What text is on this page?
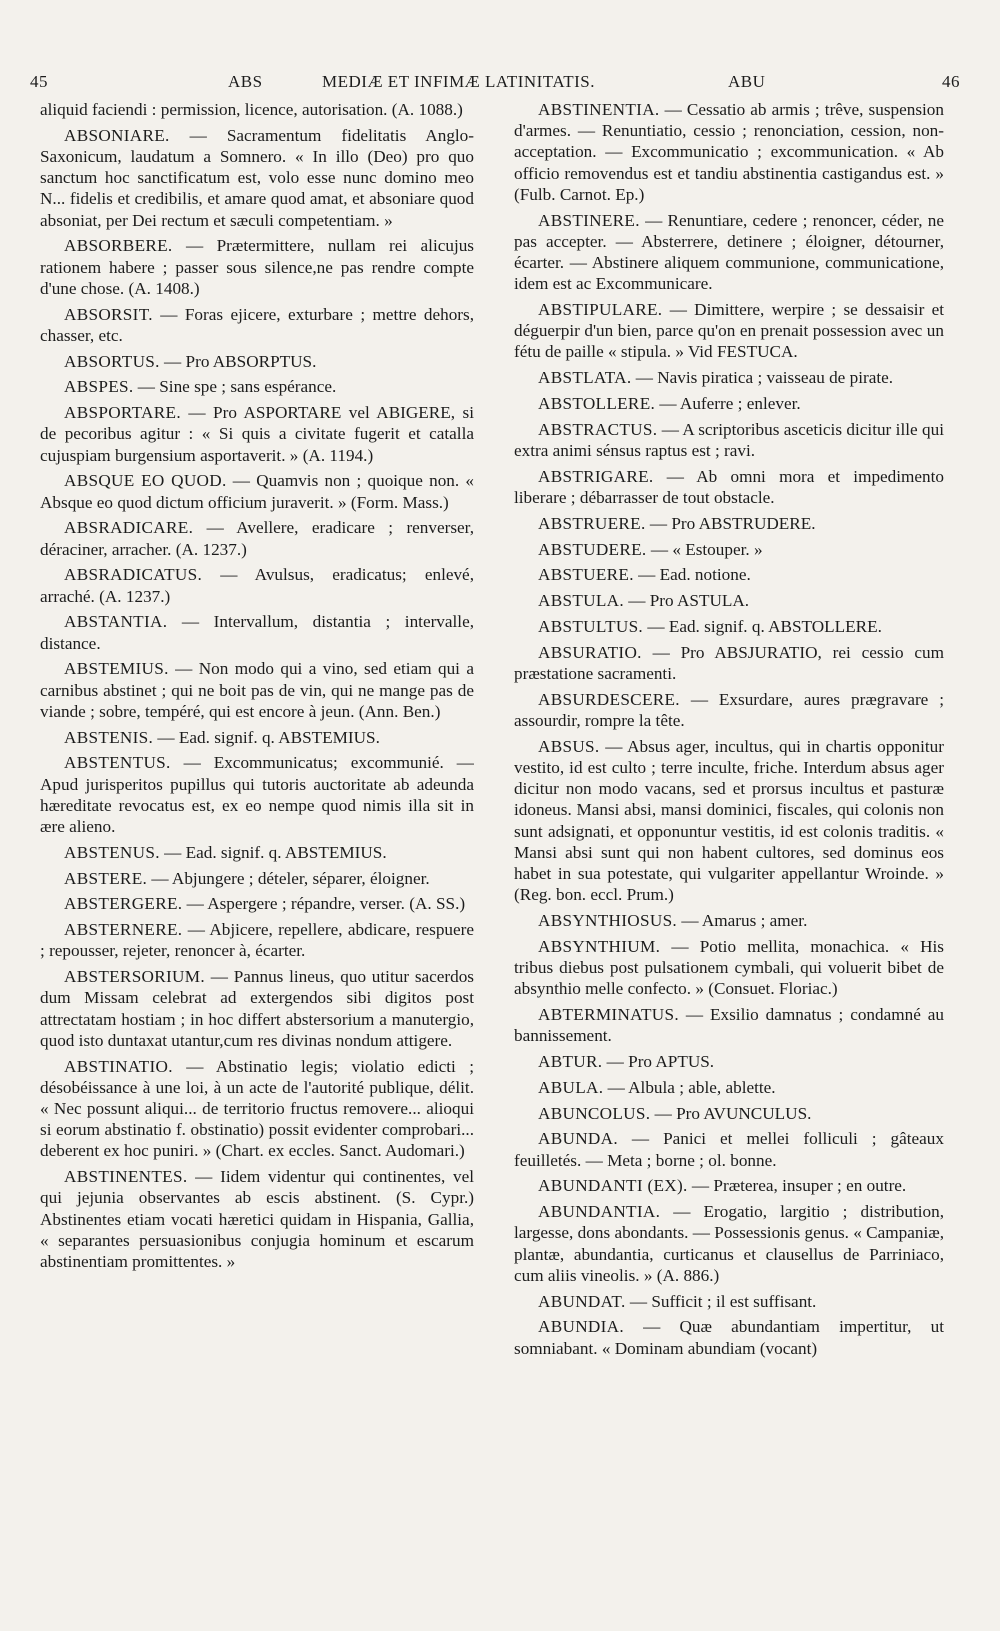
45	ABS	MEDIÆ ET INFIMÆ LATINITATIS.	ABU	46

aliquid faciendi : permission, licence, autorisation. (A. 1088.)

ABSONIARE. — Sacramentum fidelitatis Anglo-Saxonicum, laudatum a Somnero. « In illo (Deo) pro quo sanctum hoc sanctificatum est, volo esse nunc domino meo N... fidelis et credibilis, et amare quod amat, et absoniare quod absoniat, per Dei rectum et sæculi competentiam. »

ABSORBERE. — Prætermittere, nullam rei alicujus rationem habere ; passer sous silence,ne pas rendre compte d'une chose. (A. 1408.)

ABSORSIT. — Foras ejicere, exturbare ; mettre dehors, chasser, etc.

ABSORTUS. — Pro ABSORPTUS.

ABSPES. — Sine spe ; sans espérance.

ABSPORTARE. — Pro ASPORTARE vel ABIGERE, si de pecoribus agitur : « Si quis a civitate fugerit et catalla cujuspiam burgensium asportaverit. » (A. 1194.)

ABSQUE EO QUOD. — Quamvis non ; quoique non. « Absque eo quod dictum officium juraverit. » (Form. Mass.)

ABSRADICARE. — Avellere, eradicare ; renverser, déraciner, arracher. (A. 1237.)

ABSRADICATUS. — Avulsus, eradicatus; enlevé, arraché. (A. 1237.)

ABSTANTIA. — Intervallum, distantia ; intervalle, distance.

ABSTEMIUS. — Non modo qui a vino, sed etiam qui a carnibus abstinet ; qui ne boit pas de vin, qui ne mange pas de viande ; sobre, tempéré, qui est encore à jeun. (Ann. Ben.)

ABSTENIS. — Ead. signif. q. ABSTEMIUS.

ABSTENTUS. — Excommunicatus; excommunié. — Apud jurisperitos pupillus qui tutoris auctoritate ab adeunda hæreditate revocatus est, ex eo nempe quod nimis illa sit in ære alieno.

ABSTENUS. — Ead. signif. q. ABSTEMIUS.

ABSTERE. — Abjungere ; dételer, séparer, éloigner.

ABSTERGERE. — Aspergere ; répandre, verser. (A. SS.)

ABSTERNERE. — Abjicere, repellere, abdicare, respuere ; repousser, rejeter, renoncer à, écarter.

ABSTERSORIUM. — Pannus lineus, quo utitur sacerdos dum Missam celebrat ad extergendos sibi digitos post attrectatam hostiam ; in hoc differt abstersorium a manutergio, quod isto duntaxat utantur,cum res divinas nondum attigere.

ABSTINATIO. — Abstinatio legis; violatio edicti ; désobéissance à une loi, à un acte de l'autorité publique, délit. « Nec possunt aliqui... de territorio fructus removere... alioqui si eorum abstinatio f. obstinatio) possit evidenter comprobari... deberent ex hoc puniri. » (Chart. ex eccles. Sanct. Audomari.)

ABSTINENTES. — Iidem videntur qui continentes, vel qui jejunia observantes ab escis abstinent. (S. Cypr.) Abstinentes etiam vocati hæretici quidam in Hispania, Gallia, « separantes persuasionibus conjugia hominum et escarum abstinentiam promittentes. »

ABSTINENTIA. — Cessatio ab armis ; trêve, suspension d'armes. — Renuntiatio, cessio ; renonciation, cession, non-acceptation. — Excommunicatio ; excommunication. « Ab officio removendus est et tandiu abstinentia castigandus est. » (Fulb. Carnot. Ep.)

ABSTINERE. — Renuntiare, cedere ; renoncer, céder, ne pas accepter. — Absterrere, detinere ; éloigner, détourner, écarter. — Abstinere aliquem communione, communicatione, idem est ac Excommunicare.

ABSTIPULARE. — Dimittere, werpire ; se dessaisir et déguerpir d'un bien, parce qu'on en prenait possession avec un fétu de paille « stipula. » Vid FESTUCA.

ABSTLATA. — Navis piratica ; vaisseau de pirate.

ABSTOLLERE. — Auferre ; enlever.

ABSTRACTUS. — A scriptoribus asceticis dicitur ille qui extra animi sénsus raptus est ; ravi.

ABSTRIGARE. — Ab omni mora et impedimento liberare ; débarrasser de tout obstacle.

ABSTRUERE. — Pro ABSTRUDERE.

ABSTUDERE. — « Estouper. »

ABSTUERE. — Ead. notione.

ABSTULA. — Pro ASTULA.

ABSTULTUS. — Ead. signif. q. ABSTOLLERE.

ABSURATIO. — Pro ABSJURATIO, rei cessio cum præstatione sacramenti.

ABSURDESCERE. — Exsurdare, aures prægravare ; assourdir, rompre la tête.

ABSUS. — Absus ager, incultus, qui in chartis opponitur vestito, id est culto ; terre inculte, friche. Interdum absus ager dicitur non modo vacans, sed et prorsus incultus et pasturæ idoneus. Mansi absi, mansi dominici, fiscales, qui colonis non sunt adsignati, et opponuntur vestitis, id est colonis traditis. « Mansi absi sunt qui non habent cultores, sed dominus eos habet in sua potestate, qui vulgariter appellantur Wroinde. » (Reg. bon. eccl. Prum.)

ABSYNTHIOSUS. — Amarus ; amer.

ABSYNTHIUM. — Potio mellita, monachica. « His tribus diebus post pulsationem cymbali, qui voluerit bibet de absynthio melle confecto. » (Consuet. Floriac.)

ABTERMINATUS. — Exsilio damnatus ; condamné au bannissement.

ABTUR. — Pro APTUS.

ABULA. — Albula ; able, ablette.

ABUNCOLUS. — Pro AVUNCULUS.

ABUNDA. — Panici et mellei folliculi ; gâteaux feuilletés. — Meta ; borne ; ol. bonne.

ABUNDANTI (EX). — Præterea, insuper ; en outre.

ABUNDANTIA. — Erogatio, largitio ; distribution, largesse, dons abondants. — Possessionis genus. « Campaniæ, plantæ, abundantia, curticanus et clausellus de Parriniaco, cum aliis vineolis. » (A. 886.)

ABUNDAT. — Sufficit ; il est suffisant.

ABUNDIA. — Quæ abundantiam impertitur, ut somniabant. « Dominam abundiam (vocant)
